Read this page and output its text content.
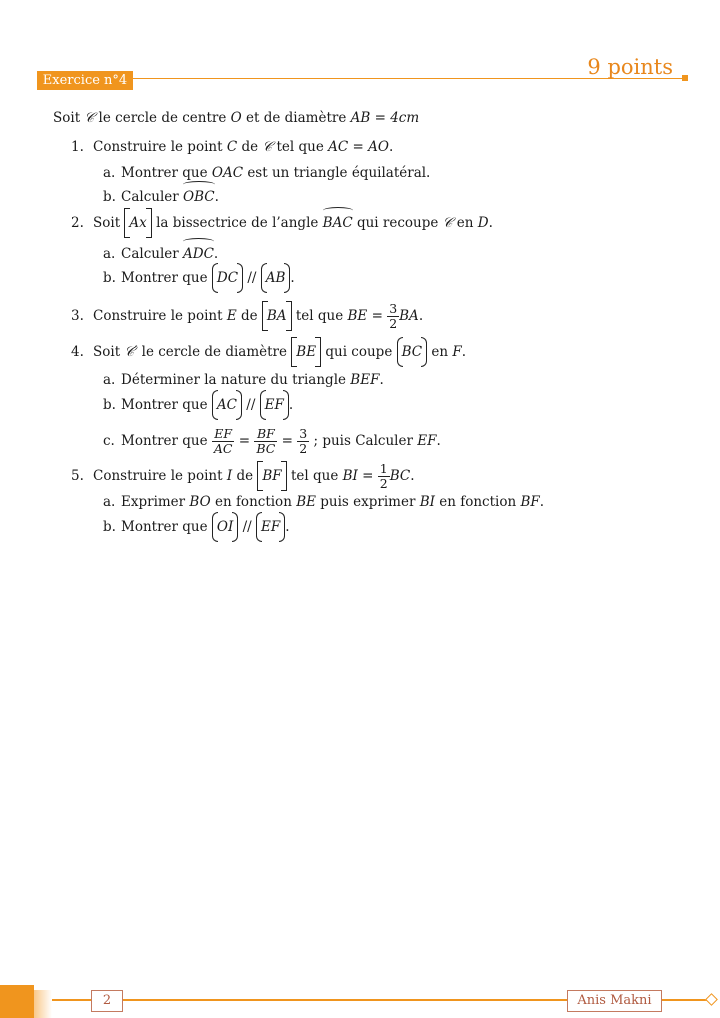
Exercice n°4
9 points
Soit 𝒞 le cercle de centre O et de diamètre AB = 4cm
1. Construire le point C de 𝒞 tel que AC = AO.
a. Montrer que OAC est un triangle équilatéral.
b. Calculer OBC.
2. Soit Ax la bissectrice de l’angle BAC qui recoupe 𝒞 en D.
a. Calculer ADC.
b. Montrer que DC // AB .
3. Construire le point E de BA tel que BE = $\frac{3}{2}$ BA.
4. Soit 𝒞′ le cercle de diamètre BE qui coupe BC en F.
a. Déterminer la nature du triangle BEF.
b. Montrer que AC // EF .
c. Montrer que $\frac{EF}{AC} = \frac{BF}{BC} = \frac{3}{2}$ ; puis Calculer EF.
5. Construire le point I de BF tel que BI = $\frac{1}{2}$ BC.
a. Exprimer BO en fonction BE puis exprimer BI en fonction BF.
b. Montrer que OI // EF .
2	Anis Makni
